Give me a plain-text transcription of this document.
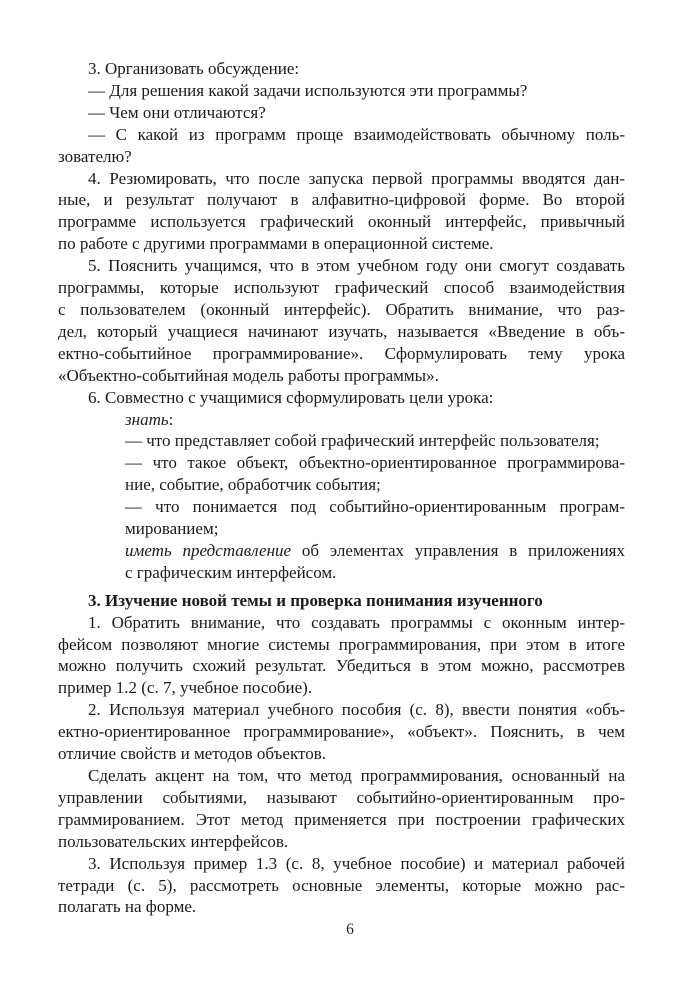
3. Организовать обсуждение:
— Для решения какой задачи используются эти программы?
— Чем они отличаются?
— С какой из программ проще взаимодействовать обычному поль-
зователю?
4. Резюмировать, что после запуска первой программы вводятся дан-
ные, и результат получают в алфавитно-цифровой форме. Во второй
программе используется графический оконный интерфейс, привычный
по работе с другими программами в операционной системе.
5. Пояснить учащимся, что в этом учебном году они смогут создавать
программы, которые используют графический способ взаимодействия
с пользователем (оконный интерфейс). Обратить внимание, что раз-
дел, который учащиеся начинают изучать, называется «Введение в объ-
ектно-событийное программирование». Сформулировать тему урока
«Объектно-событийная модель работы программы».
6. Совместно с учащимися сформулировать цели урока:
знать:
— что представляет собой графический интерфейс пользователя;
— что такое объект, объектно-ориентированное программирова-
ние, событие, обработчик события;
— что понимается под событийно-ориентированным програм-
мированием;
иметь представление об элементах управления в приложениях
с графическим интерфейсом.
3. Изучение новой темы и проверка понимания изученного
1. Обратить внимание, что создавать программы с оконным интер-
фейсом позволяют многие системы программирования, при этом в итоге
можно получить схожий результат. Убедиться в этом можно, рассмотрев
пример 1.2 (с. 7, учебное пособие).
2. Используя материал учебного пособия (с. 8), ввести понятия «объ-
ектно-ориентированное программирование», «объект». Пояснить, в чем
отличие свойств и методов объектов.
Сделать акцент на том, что метод программирования, основанный на
управлении событиями, называют событийно-ориентированным про-
граммированием. Этот метод применяется при построении графических
пользовательских интерфейсов.
3. Используя пример 1.3 (с. 8, учебное пособие) и материал рабочей
тетради (с. 5), рассмотреть основные элементы, которые можно рас-
полагать на форме.
6
